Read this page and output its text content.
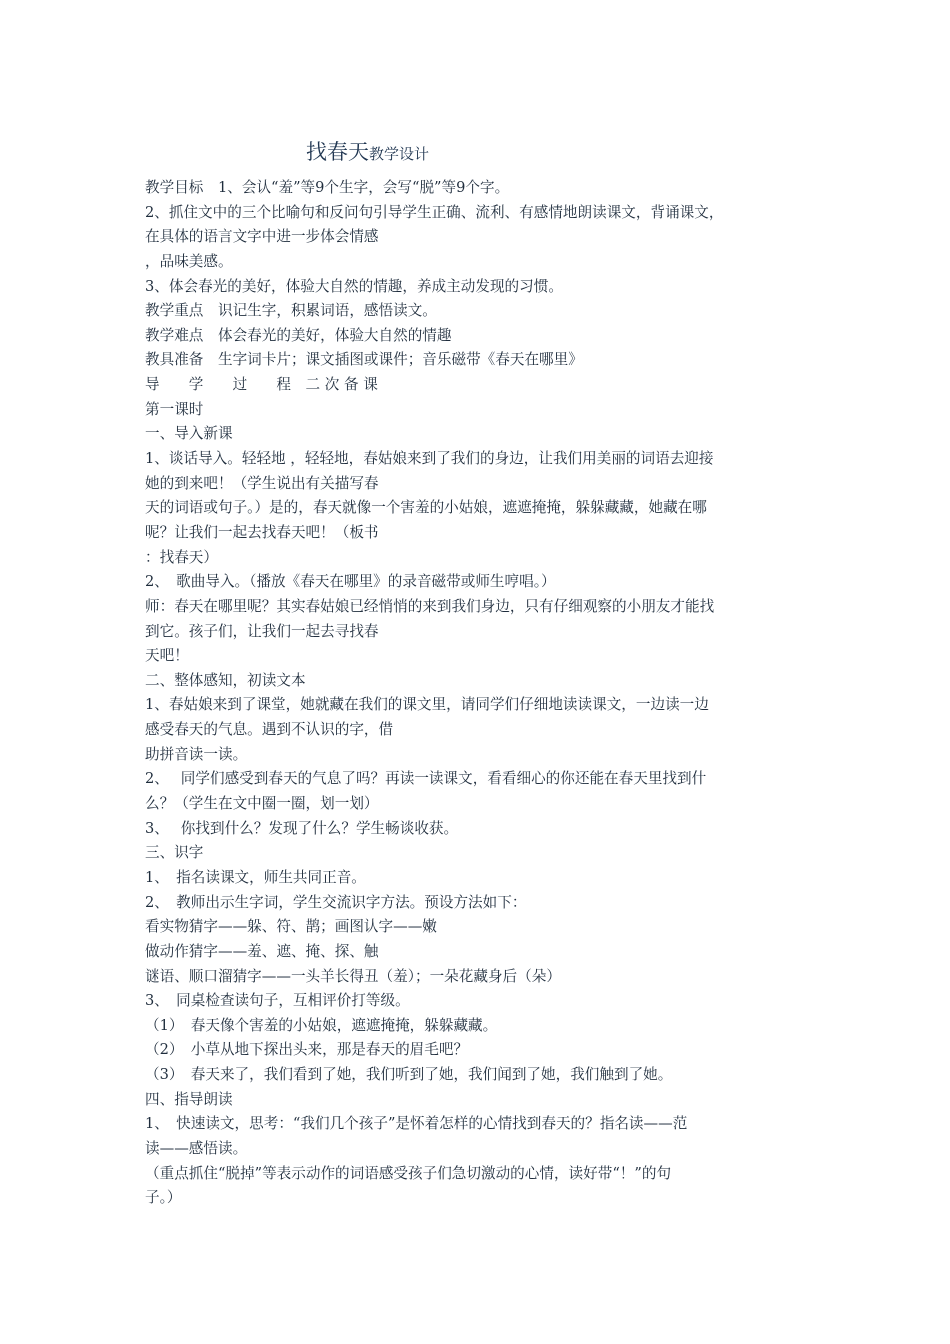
找春天教学设计
教学目标　1、会认“羞”等9个生字，会写“脱”等9个字。
2、抓住文中的三个比喻句和反问句引导学生正确、流利、有感情地朗读课文，背诵课文，
在具体的语言文字中进一步体会情感
，品味美感。
3、体会春光的美好，体验大自然的情趣，养成主动发现的习惯。
教学重点　识记生字，积累词语，感悟读文。
教学难点　体会春光的美好，体验大自然的情趣
教具准备　生字词卡片；课文插图或课件；音乐磁带《春天在哪里》
导　　学　　过　　程　二 次 备 课
第一课时
一、导入新课
1、谈话导入。轻轻地 ，轻轻地，春姑娘来到了我们的身边，让我们用美丽的词语去迎接
她的到来吧！（学生说出有关描写春
天的词语或句子。）是的，春天就像一个害羞的小姑娘，遮遮掩掩，躲躲藏藏，她藏在哪
呢？让我们一起去找春天吧！（板书
：找春天）
2、　歌曲导入。（播放《春天在哪里》的录音磁带或师生哼唱。）
师：春天在哪里呢？其实春姑娘已经悄悄的来到我们身边，只有仔细观察的小朋友才能找
到它。孩子们，让我们一起去寻找春
天吧！
二、整体感知，初读文本
1、春姑娘来到了课堂，她就藏在我们的课文里，请同学们仔细地读读课文，一边读一边
感受春天的气息。遇到不认识的字，借
助拼音读一读。
2、　 同学们感受到春天的气息了吗？再读一读课文，看看细心的你还能在春天里找到什
么？（学生在文中圈一圈，划一划）
3、　 你找到什么？发现了什么？学生畅谈收获。
三、识字
1、　指名读课文，师生共同正音。
2、　教师出示生字词，学生交流识字方法。预设方法如下：
看实物猜字——躲、符、鹊；画图认字——嫩
做动作猜字——羞、遮、掩、探、触
谜语、顺口溜猜字——一头羊长得丑（羞）；一朵花藏身后（朵）
3、　同桌检查读句子，互相评价打等级。
（1）　春天像个害羞的小姑娘，遮遮掩掩，躲躲藏藏。
（2）　小草从地下探出头来，那是春天的眉毛吧？
（3）　春天来了，我们看到了她，我们听到了她，我们闻到了她，我们触到了她。
四、指导朗读
1、　快速读文，思考：“我们几个孩子”是怀着怎样的心情找到春天的？指名读——范
读——感悟读。
（重点抓住“脱掉”等表示动作的词语感受孩子们急切激动的心情，读好带“！”的句
子。）
